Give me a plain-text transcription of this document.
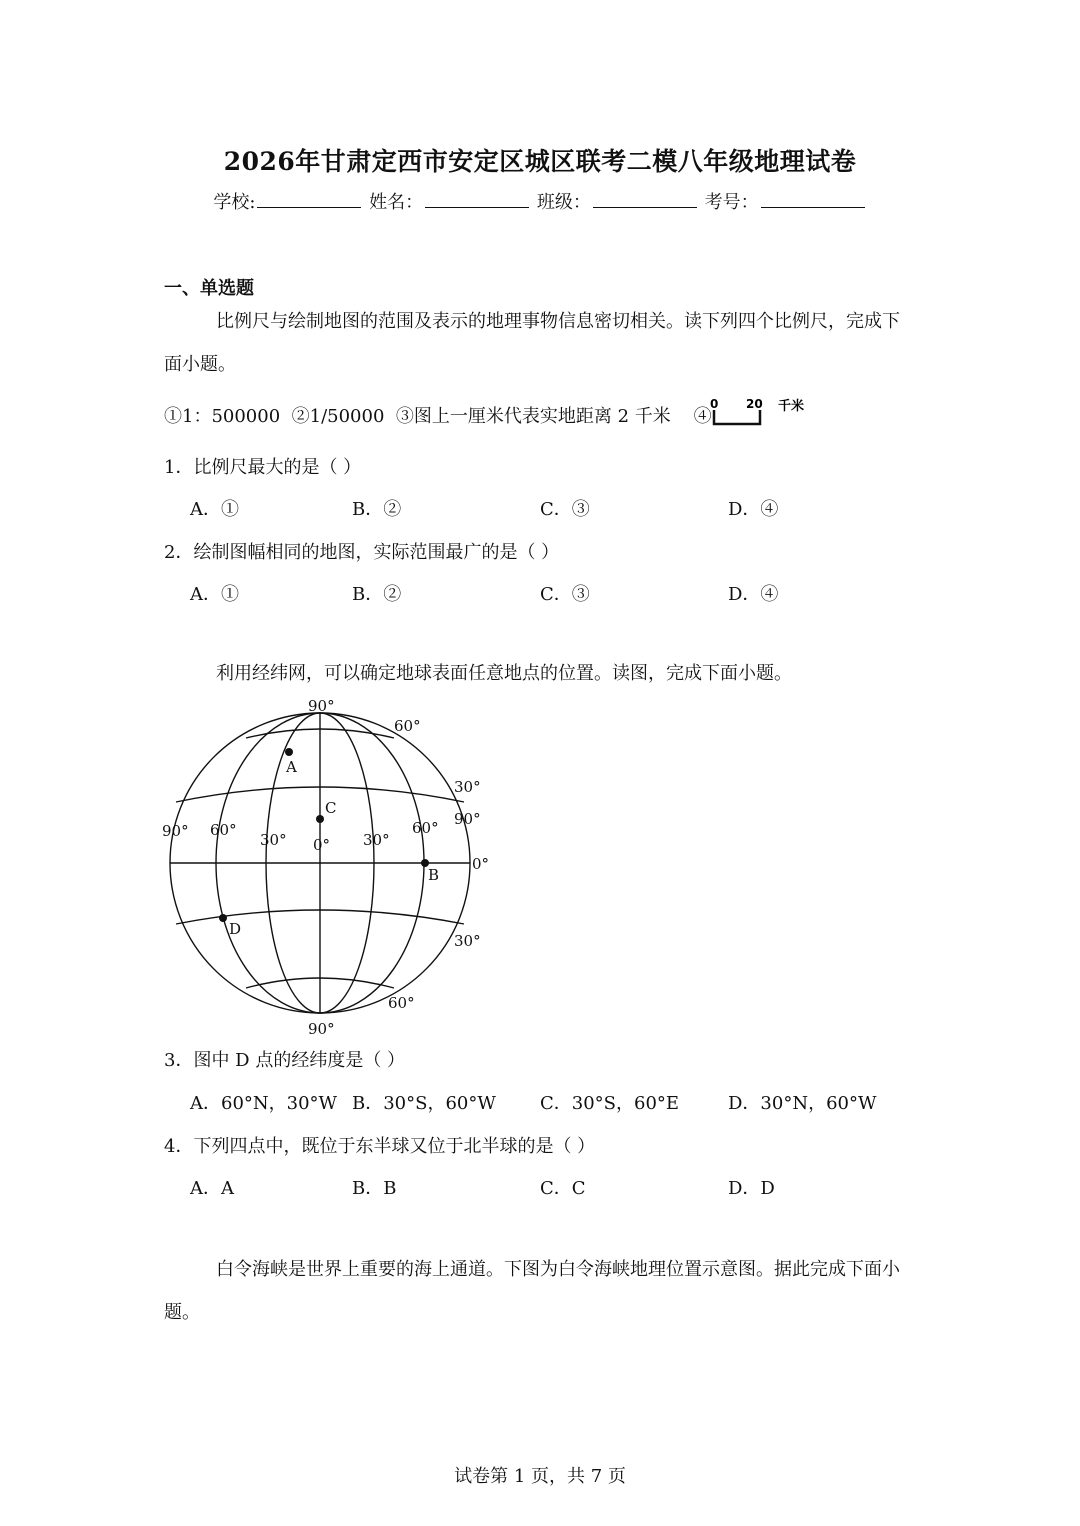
2026年甘肃定西市安定区城区联考二模八年级地理试卷
学校:	姓名：	班级：	考号：
一、单选题
比例尺与绘制地图的范围及表示的地理事物信息密切相关。读下列四个比例尺，完成下面小题。
①1：500000 ②1/50000 ③图上一厘米代表实地距离 2 千米 ④
0 20 千米
1．比例尺最大的是（ ）
A．①	B．②	C．③	D．④
2．绘制图幅相同的地图，实际范围最广的是（ ）
A．①	B．②	C．③	D．④
利用经纬网，可以确定地球表面任意地点的位置。读图，完成下面小题。
90°
90°
60°
30°
30°
60°
0°
90°
90°
60°
30° 0° 30°
60°
A
C
B
D
3．图中 D 点的经纬度是（ ）
A．60°N，30°W B．30°S，60°W C．30°S，60°E	D．30°N，60°W
4．下列四点中，既位于东半球又位于北半球的是（ ）
A．A	B．B	C．C	D．D
白令海峡是世界上重要的海上通道。下图为白令海峡地理位置示意图。据此完成下面小题。
试卷第 1 页，共 7 页
